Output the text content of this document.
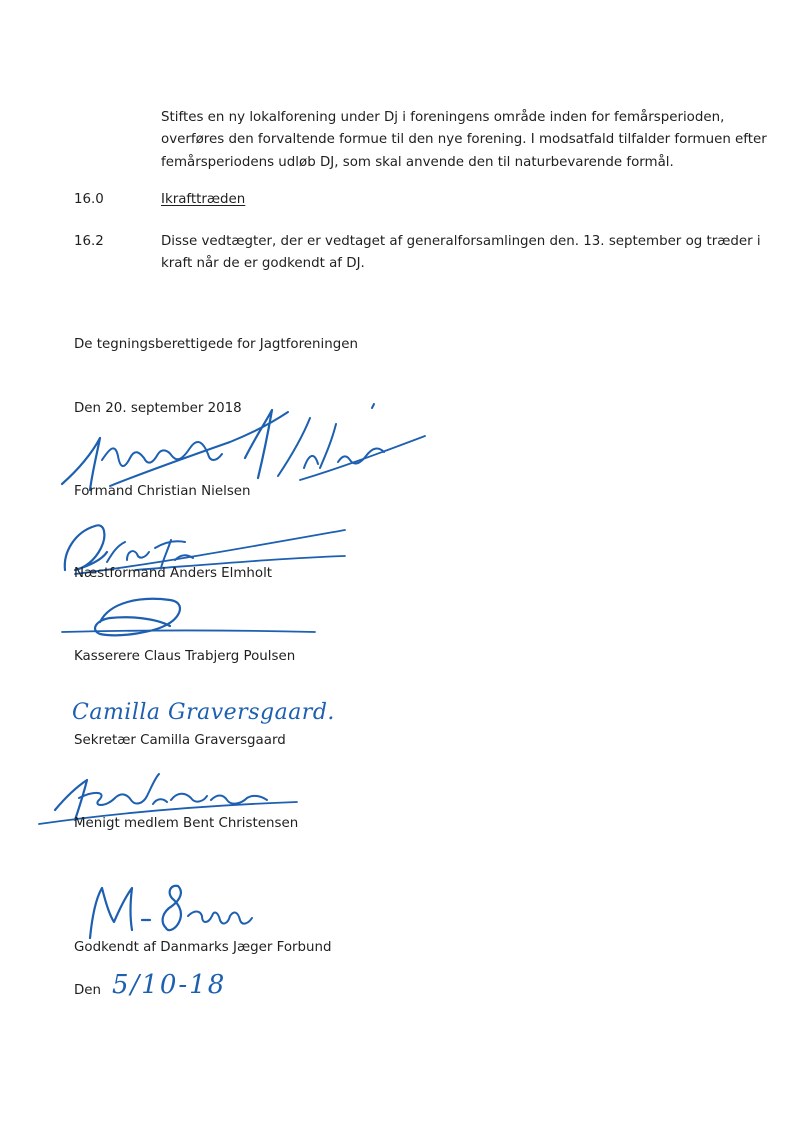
Stiftes en ny lokalforening under Dj i foreningens område inden for femårsperioden,
overføres den forvaltende formue til den nye forening. I modsatfald tilfalder formuen efter
femårsperiodens udløb DJ, som skal anvende den til naturbevarende formål.
16.0	Ikrafttræden
16.2	Disse vedtægter, der er vedtaget af generalforsamlingen den. 13. september og træder i
kraft når de er godkendt af DJ.
De tegningsberettigede for Jagtforeningen
Den 20. september 2018
Formand Christian Nielsen
Næstformand Anders Elmholt
Kasserere Claus Trabjerg Poulsen
Camilla Graversgaard.
Sekretær Camilla Graversgaard
Menigt medlem Bent Christensen
Godkendt af Danmarks Jæger Forbund
Den 5/10-18
